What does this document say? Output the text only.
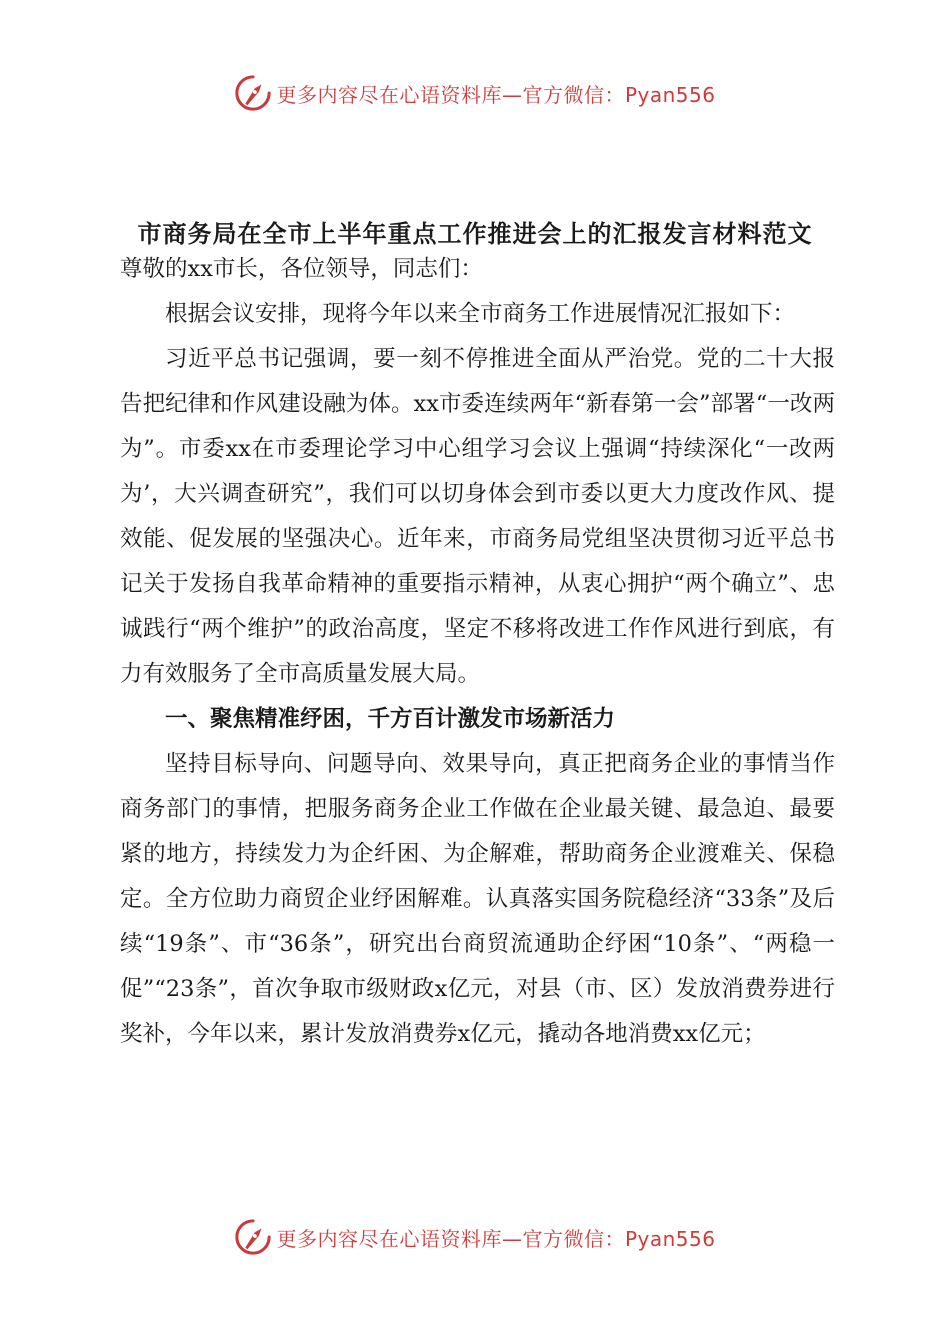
更多内容尽在心语资料库—官方微信：Pyan556
市商务局在全市上半年重点工作推进会上的汇报发言材料范文

尊敬的xx市长，各位领导，同志们：

根据会议安排，现将今年以来全市商务工作进展情况汇报如下：

习近平总书记强调，要一刻不停推进全面从严治党。党的二十大报告把纪律和作风建设融为体。xx市委连续两年“新春第一会”部署“一改两为”。市委xx在市委理论学习中心组学习会议上强调“持续深化“一改两为’，大兴调查研究”，我们可以切身体会到市委以更大力度改作风、提效能、促发展的坚强决心。近年来，市商务局党组坚决贯彻习近平总书记关于发扬自我革命精神的重要指示精神，从衷心拥护“两个确立”、忠诚践行“两个维护”的政治高度，坚定不移将改进工作作风进行到底，有力有效服务了全市高质量发展大局。

一、聚焦精准纾困，千方百计激发市场新活力

坚持目标导向、问题导向、效果导向，真正把商务企业的事情当作商务部门的事情，把服务商务企业工作做在企业最关键、最急迫、最要紧的地方，持续发力为企纤困、为企解难，帮助商务企业渡难关、保稳定。全方位助力商贸企业纾困解难。认真落实国务院稳经济“33条”及后续“19条”、市“36条”，研究出台商贸流通助企纾困“10条”、“两稳一促”“23条”，首次争取市级财政x亿元，对县（市、区）发放消费券进行奖补，今年以来，累计发放消费券x亿元，撬动各地消费xx亿元；

更多内容尽在心语资料库—官方微信：Pyan556
